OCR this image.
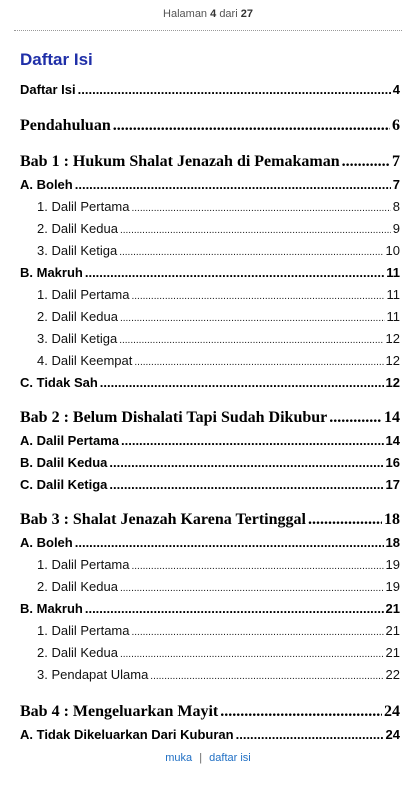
Halaman 4 dari 27
Daftar Isi
Daftar Isi .....	4
Pendahuluan .....	6
Bab 1 : Hukum Shalat Jenazah di Pemakaman .....	7
A. Boleh .....	7
1. Dalil Pertama .....	8
2. Dalil Kedua .....	9
3. Dalil Ketiga .....	10
B. Makruh .....	11
1. Dalil Pertama .....	11
2. Dalil Kedua .....	11
3. Dalil Ketiga .....	12
4. Dalil Keempat .....	12
C. Tidak Sah .....	12
Bab 2 : Belum Dishalati Tapi Sudah Dikubur .....	14
A. Dalil Pertama .....	14
B. Dalil Kedua .....	16
C. Dalil Ketiga .....	17
Bab 3 : Shalat Jenazah Karena Tertinggal .....	18
A. Boleh .....	18
1. Dalil Pertama .....	19
2. Dalil Kedua .....	19
B. Makruh .....	21
1. Dalil Pertama .....	21
2. Dalil Kedua .....	21
3. Pendapat Ulama .....	22
Bab 4 : Mengeluarkan Mayit .....	24
A. Tidak Dikeluarkan Dari Kuburan .....	24
muka | daftar isi
